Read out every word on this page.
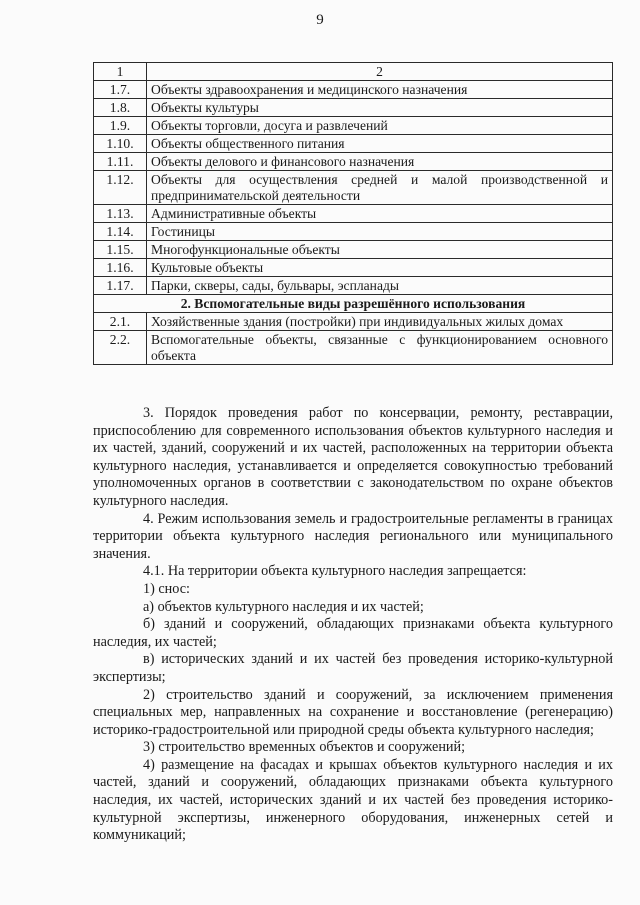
9
1	2
1.7.	Объекты здравоохранения и медицинского назначения
1.8.	Объекты культуры
1.9.	Объекты торговли, досуга и развлечений
1.10.	Объекты общественного питания
1.11.	Объекты делового и финансового назначения
1.12.	Объекты для осуществления средней и малой производственной и предпринимательской деятельности
1.13.	Административные объекты
1.14.	Гостиницы
1.15.	Многофункциональные объекты
1.16.	Культовые объекты
1.17.	Парки, скверы, сады, бульвары, эспланады
2. Вспомогательные виды разрешённого использования	
2.1.	Хозяйственные здания (постройки) при индивидуальных жилых домах
2.2.	Вспомогательные объекты, связанные с функционированием основного объекта

3. Порядок проведения работ по консервации, ремонту, реставрации, приспособлению для современного использования объектов культурного наследия и их частей, зданий, сооружений и их частей, расположенных на территории объекта культурного наследия, устанавливается и определяется совокупностью требований уполномоченных органов в соответствии с законодательством по охране объектов культурного наследия.

4. Режим использования земель и градостроительные регламенты в границах территории объекта культурного наследия регионального или муниципального значения.

4.1. На территории объекта культурного наследия запрещается:

1) снос:

а) объектов культурного наследия и их частей;

б) зданий и сооружений, обладающих признаками объекта культурного наследия, их частей;

в) исторических зданий и их частей без проведения историко-культурной экспертизы;

2) строительство зданий и сооружений, за исключением применения специальных мер, направленных на сохранение и восстановление (регенерацию) историко-градостроительной или природной среды объекта культурного наследия;

3) строительство временных объектов и сооружений;

4) размещение на фасадах и крышах объектов культурного наследия и их частей, зданий и сооружений, обладающих признаками объекта культурного наследия, их частей, исторических зданий и их частей без проведения историко-культурной экспертизы, инженерного оборудования, инженерных сетей и коммуникаций;
